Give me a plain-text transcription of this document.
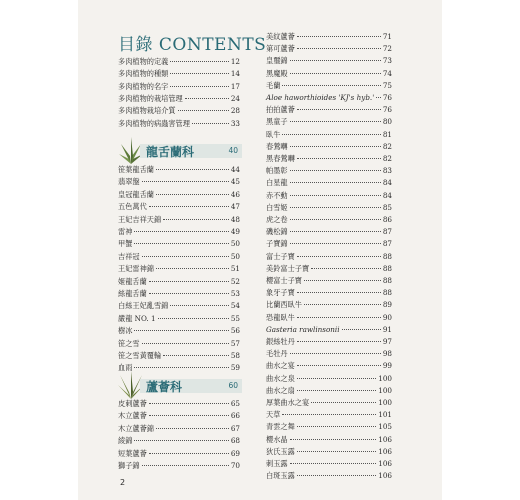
目錄 CONTENTS
多肉植物的定義	12
多肉植物的種類	14
多肉植物的名字	17
多肉植物的栽培管理	24
多肉植物栽培介質	28
多肉植物的病蟲害管理	33
龍舌蘭科	40
笹葉龍舌蘭	44
翡翠盤	45
皇冠龍舌蘭	46
五色萬代	47
王妃吉祥天錦	48
雷神	49
甲蟹	50
吉祥冠	50
王妃雷神錦	51
姬龍舌蘭	52
絲龍舌蘭	53
白絲王妃亂雪錦	54
嚴龍 NO. 1	55
樹冰	56
笹之雪	57
笹之雪黃覆輪	58
血雨	59
蘆薈科	60
皮刺蘆薈	65
木立蘆薈	66
木立蘆薈錦	67
綾錦	68
短葉蘆薈	69
獅子錦	70
美紋蘆薈	71
第可蘆薈	72
皇璽錦	73
黑魔殿	74
毛蘭	75
Aloe haworthioides 'KJ's hyb.' 76
拍拍蘆薈	76
黑童子	80
臥牛	81
春鶯囀	82
黑春鶯囀	82
帕墨彰	83
白星龍	84
赤不動	84
白雪姬	85
虎之卷	86
磯松錦	87
子寶錦	87
富士子寶	88
美鈴富士子寶	88
櫻富士子寶	88
象牙子寶	88
比蘭西臥牛	89
恐龍臥牛	90
Gasteria rawlinsonii	91
銀絲牡丹	97
毛牡丹	98
曲水之宴	99
曲水之泉	100
曲水之扇	100
厚葉曲水之宴	100
天草	101
青雲之舞	105
櫻水晶	106
狄氏玉露	106
刺玉露	106
白斑玉露	106
2
